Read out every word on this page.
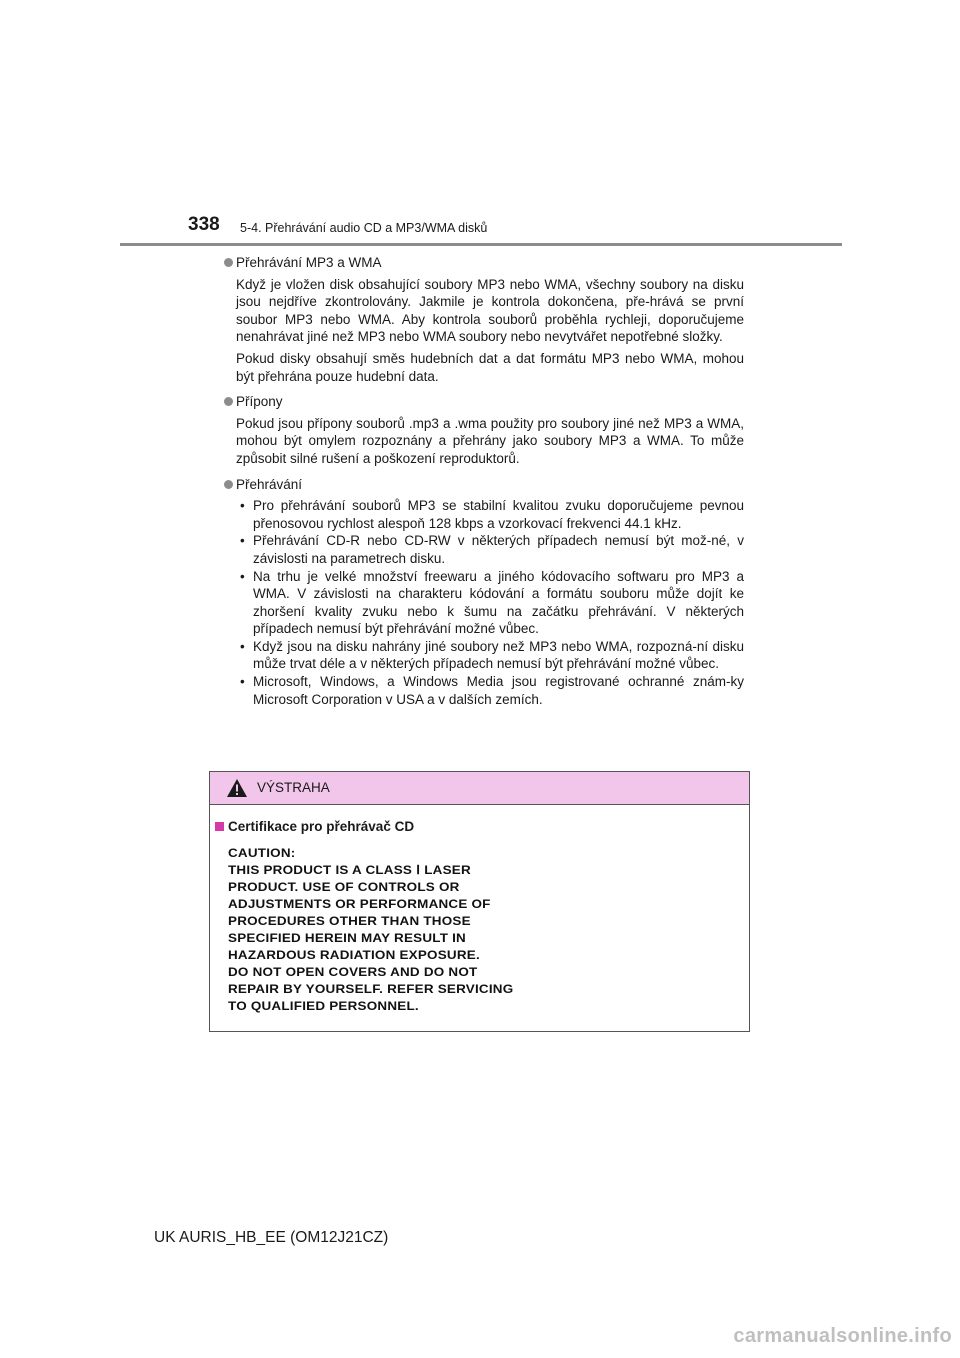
338 5-4. Přehrávání audio CD a MP3/WMA disků

Přehrávání MP3 a WMA

Když je vložen disk obsahující soubory MP3 nebo WMA, všechny soubory na disku jsou nejdříve zkontrolovány. Jakmile je kontrola dokončena, pře-hrává se první soubor MP3 nebo WMA. Aby kontrola souborů proběhla rychleji, doporučujeme nenahrávat jiné než MP3 nebo WMA soubory nebo nevytvářet nepotřebné složky.

Pokud disky obsahují směs hudebních dat a dat formátu MP3 nebo WMA, mohou být přehrána pouze hudební data.

Přípony

Pokud jsou přípony souborů .mp3 a .wma použity pro soubory jiné než MP3 a WMA, mohou být omylem rozpoznány a přehrány jako soubory MP3 a WMA. To může způsobit silné rušení a poškození reproduktorů.

Přehrávání

• Pro přehrávání souborů MP3 se stabilní kvalitou zvuku doporučujeme pevnou přenosovou rychlost alespoň 128 kbps a vzorkovací frekvenci 44.1 kHz.
• Přehrávání CD-R nebo CD-RW v některých případech nemusí být mož-né, v závislosti na parametrech disku.
• Na trhu je velké množství freewaru a jiného kódovacího softwaru pro MP3 a WMA. V závislosti na charakteru kódování a formátu souboru může dojít ke zhoršení kvality zvuku nebo k šumu na začátku přehrávání. V některých případech nemusí být přehrávání možné vůbec.
• Když jsou na disku nahrány jiné soubory než MP3 nebo WMA, rozpozná-ní disku může trvat déle a v některých případech nemusí být přehrávání možné vůbec.
• Microsoft, Windows, a Windows Media jsou registrované ochranné znám-ky Microsoft Corporation v USA a v dalších zemích.
VÝSTRAHA
Certifikace pro přehrávač CD
CAUTION:
THIS PRODUCT IS A CLASS Ⅰ LASER
PRODUCT. USE OF CONTROLS OR
ADJUSTMENTS OR PERFORMANCE OF
PROCEDURES OTHER THAN THOSE
SPECIFIED HEREIN MAY RESULT IN
HAZARDOUS RADIATION EXPOSURE.
DO NOT OPEN COVERS AND DO NOT
REPAIR BY YOURSELF. REFER SERVICING
TO QUALIFIED PERSONNEL.
UK AURIS_HB_EE (OM12J21CZ)
carmanualsonline.info
